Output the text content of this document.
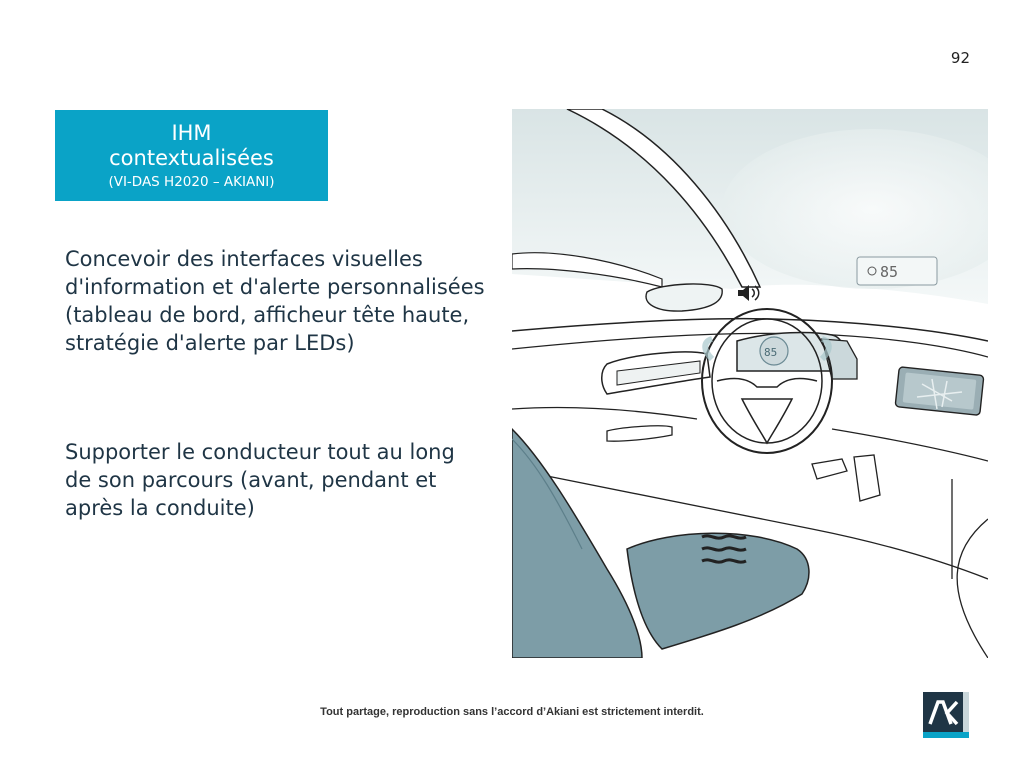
92
IHM
contextualisées
(VI-DAS H2020 – AKIANI)
Concevoir des interfaces visuelles d'information et d'alerte personnalisées (tableau de bord, afficheur tête haute, stratégie d'alerte par LEDs)
Supporter le conducteur tout au long de son parcours (avant, pendant et après la conduite)
85
85
Tout partage, reproduction sans l’accord d’Akiani est strictement interdit.
